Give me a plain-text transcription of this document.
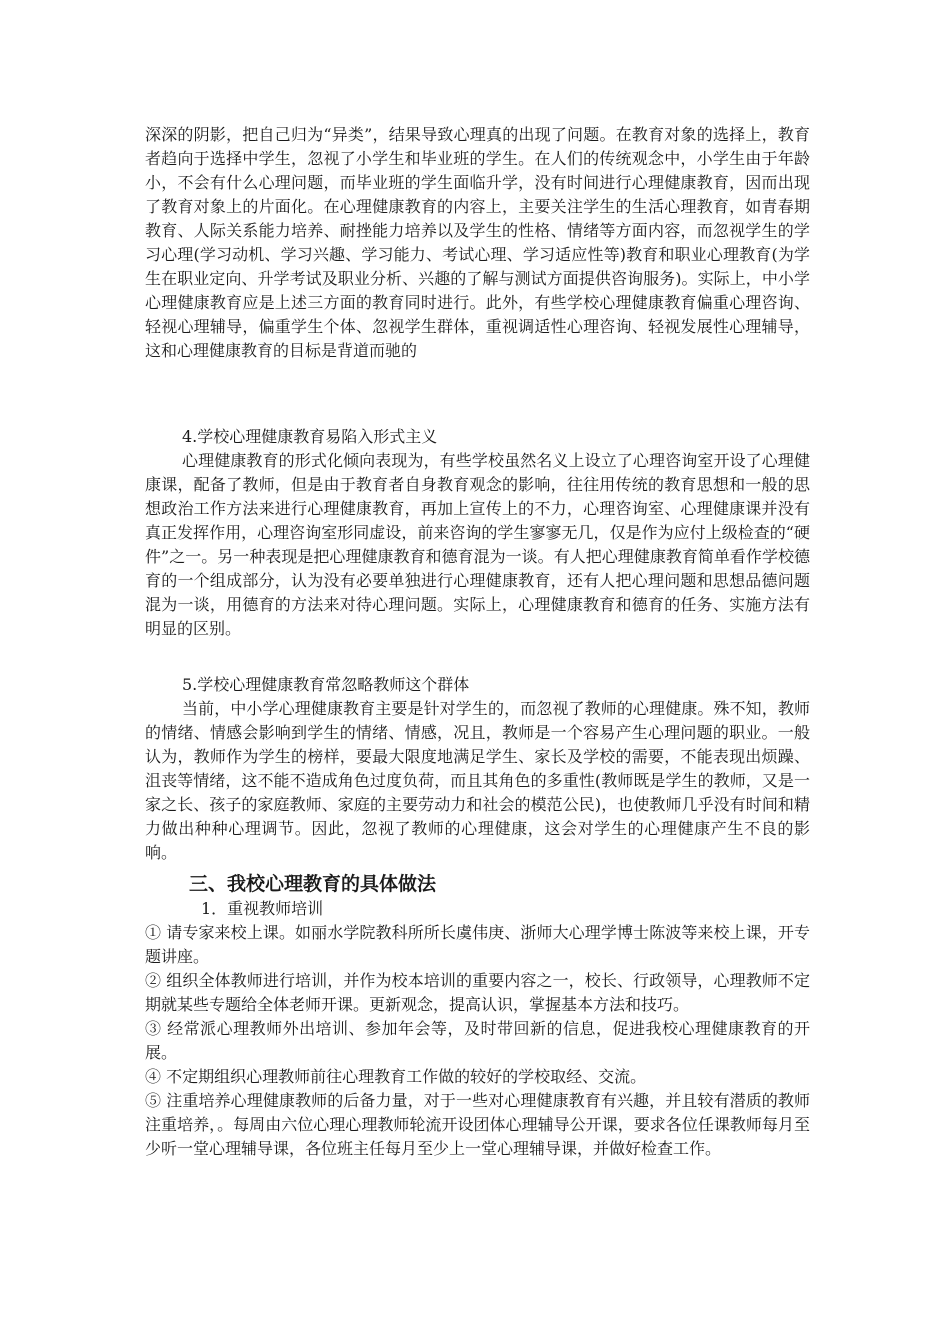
深深的阴影，把自己归为“异类”，结果导致心理真的出现了问题。在教育对象的选择上，教育者趋向于选择中学生，忽视了小学生和毕业班的学生。在人们的传统观念中，小学生由于年龄小，不会有什么心理问题，而毕业班的学生面临升学，没有时间进行心理健康教育，因而出现了教育对象上的片面化。在心理健康教育的内容上，主要关注学生的生活心理教育，如青春期教育、人际关系能力培养、耐挫能力培养以及学生的性格、情绪等方面内容，而忽视学生的学习心理(学习动机、学习兴趣、学习能力、考试心理、学习适应性等)教育和职业心理教育(为学生在职业定向、升学考试及职业分析、兴趣的了解与测试方面提供咨询服务)。实际上，中小学心理健康教育应是上述三方面的教育同时进行。此外，有些学校心理健康教育偏重心理咨询、轻视心理辅导，偏重学生个体、忽视学生群体，重视调适性心理咨询、轻视发展性心理辅导，这和心理健康教育的目标是背道而驰的

4.学校心理健康教育易陷入形式主义

心理健康教育的形式化倾向表现为，有些学校虽然名义上设立了心理咨询室开设了心理健康课，配备了教师，但是由于教育者自身教育观念的影响，往往用传统的教育思想和一般的思想政治工作方法来进行心理健康教育，再加上宣传上的不力，心理咨询室、心理健康课并没有真正发挥作用，心理咨询室形同虚设，前来咨询的学生寥寥无几，仅是作为应付上级检查的“硬件”之一。另一种表现是把心理健康教育和德育混为一谈。有人把心理健康教育简单看作学校德育的一个组成部分，认为没有必要单独进行心理健康教育，还有人把心理问题和思想品德问题混为一谈，用德育的方法来对待心理问题。实际上，心理健康教育和德育的任务、实施方法有明显的区别。

5.学校心理健康教育常忽略教师这个群体

当前，中小学心理健康教育主要是针对学生的，而忽视了教师的心理健康。殊不知，教师的情绪、情感会影响到学生的情绪、情感，况且，教师是一个容易产生心理问题的职业。一般认为，教师作为学生的榜样，要最大限度地满足学生、家长及学校的需要，不能表现出烦躁、沮丧等情绪，这不能不造成角色过度负荷，而且其角色的多重性(教师既是学生的教师，又是一家之长、孩子的家庭教师、家庭的主要劳动力和社会的模范公民)，也使教师几乎没有时间和精力做出种种心理调节。因此，忽视了教师的心理健康，这会对学生的心理健康产生不良的影响。

三、我校心理教育的具体做法

1．重视教师培训

① 请专家来校上课。如丽水学院教科所所长虞伟庚、浙师大心理学博士陈波等来校上课，开专题讲座。

② 组织全体教师进行培训，并作为校本培训的重要内容之一，校长、行政领导，心理教师不定期就某些专题给全体老师开课。更新观念，提高认识，掌握基本方法和技巧。

③ 经常派心理教师外出培训、参加年会等，及时带回新的信息，促进我校心理健康教育的开展。

④ 不定期组织心理教师前往心理教育工作做的较好的学校取经、交流。

⑤ 注重培养心理健康教师的后备力量，对于一些对心理健康教育有兴趣，并且较有潜质的教师注重培养，。每周由六位心理心理教师轮流开设团体心理辅导公开课，要求各位任课教师每月至少听一堂心理辅导课，各位班主任每月至少上一堂心理辅导课，并做好检查工作。
